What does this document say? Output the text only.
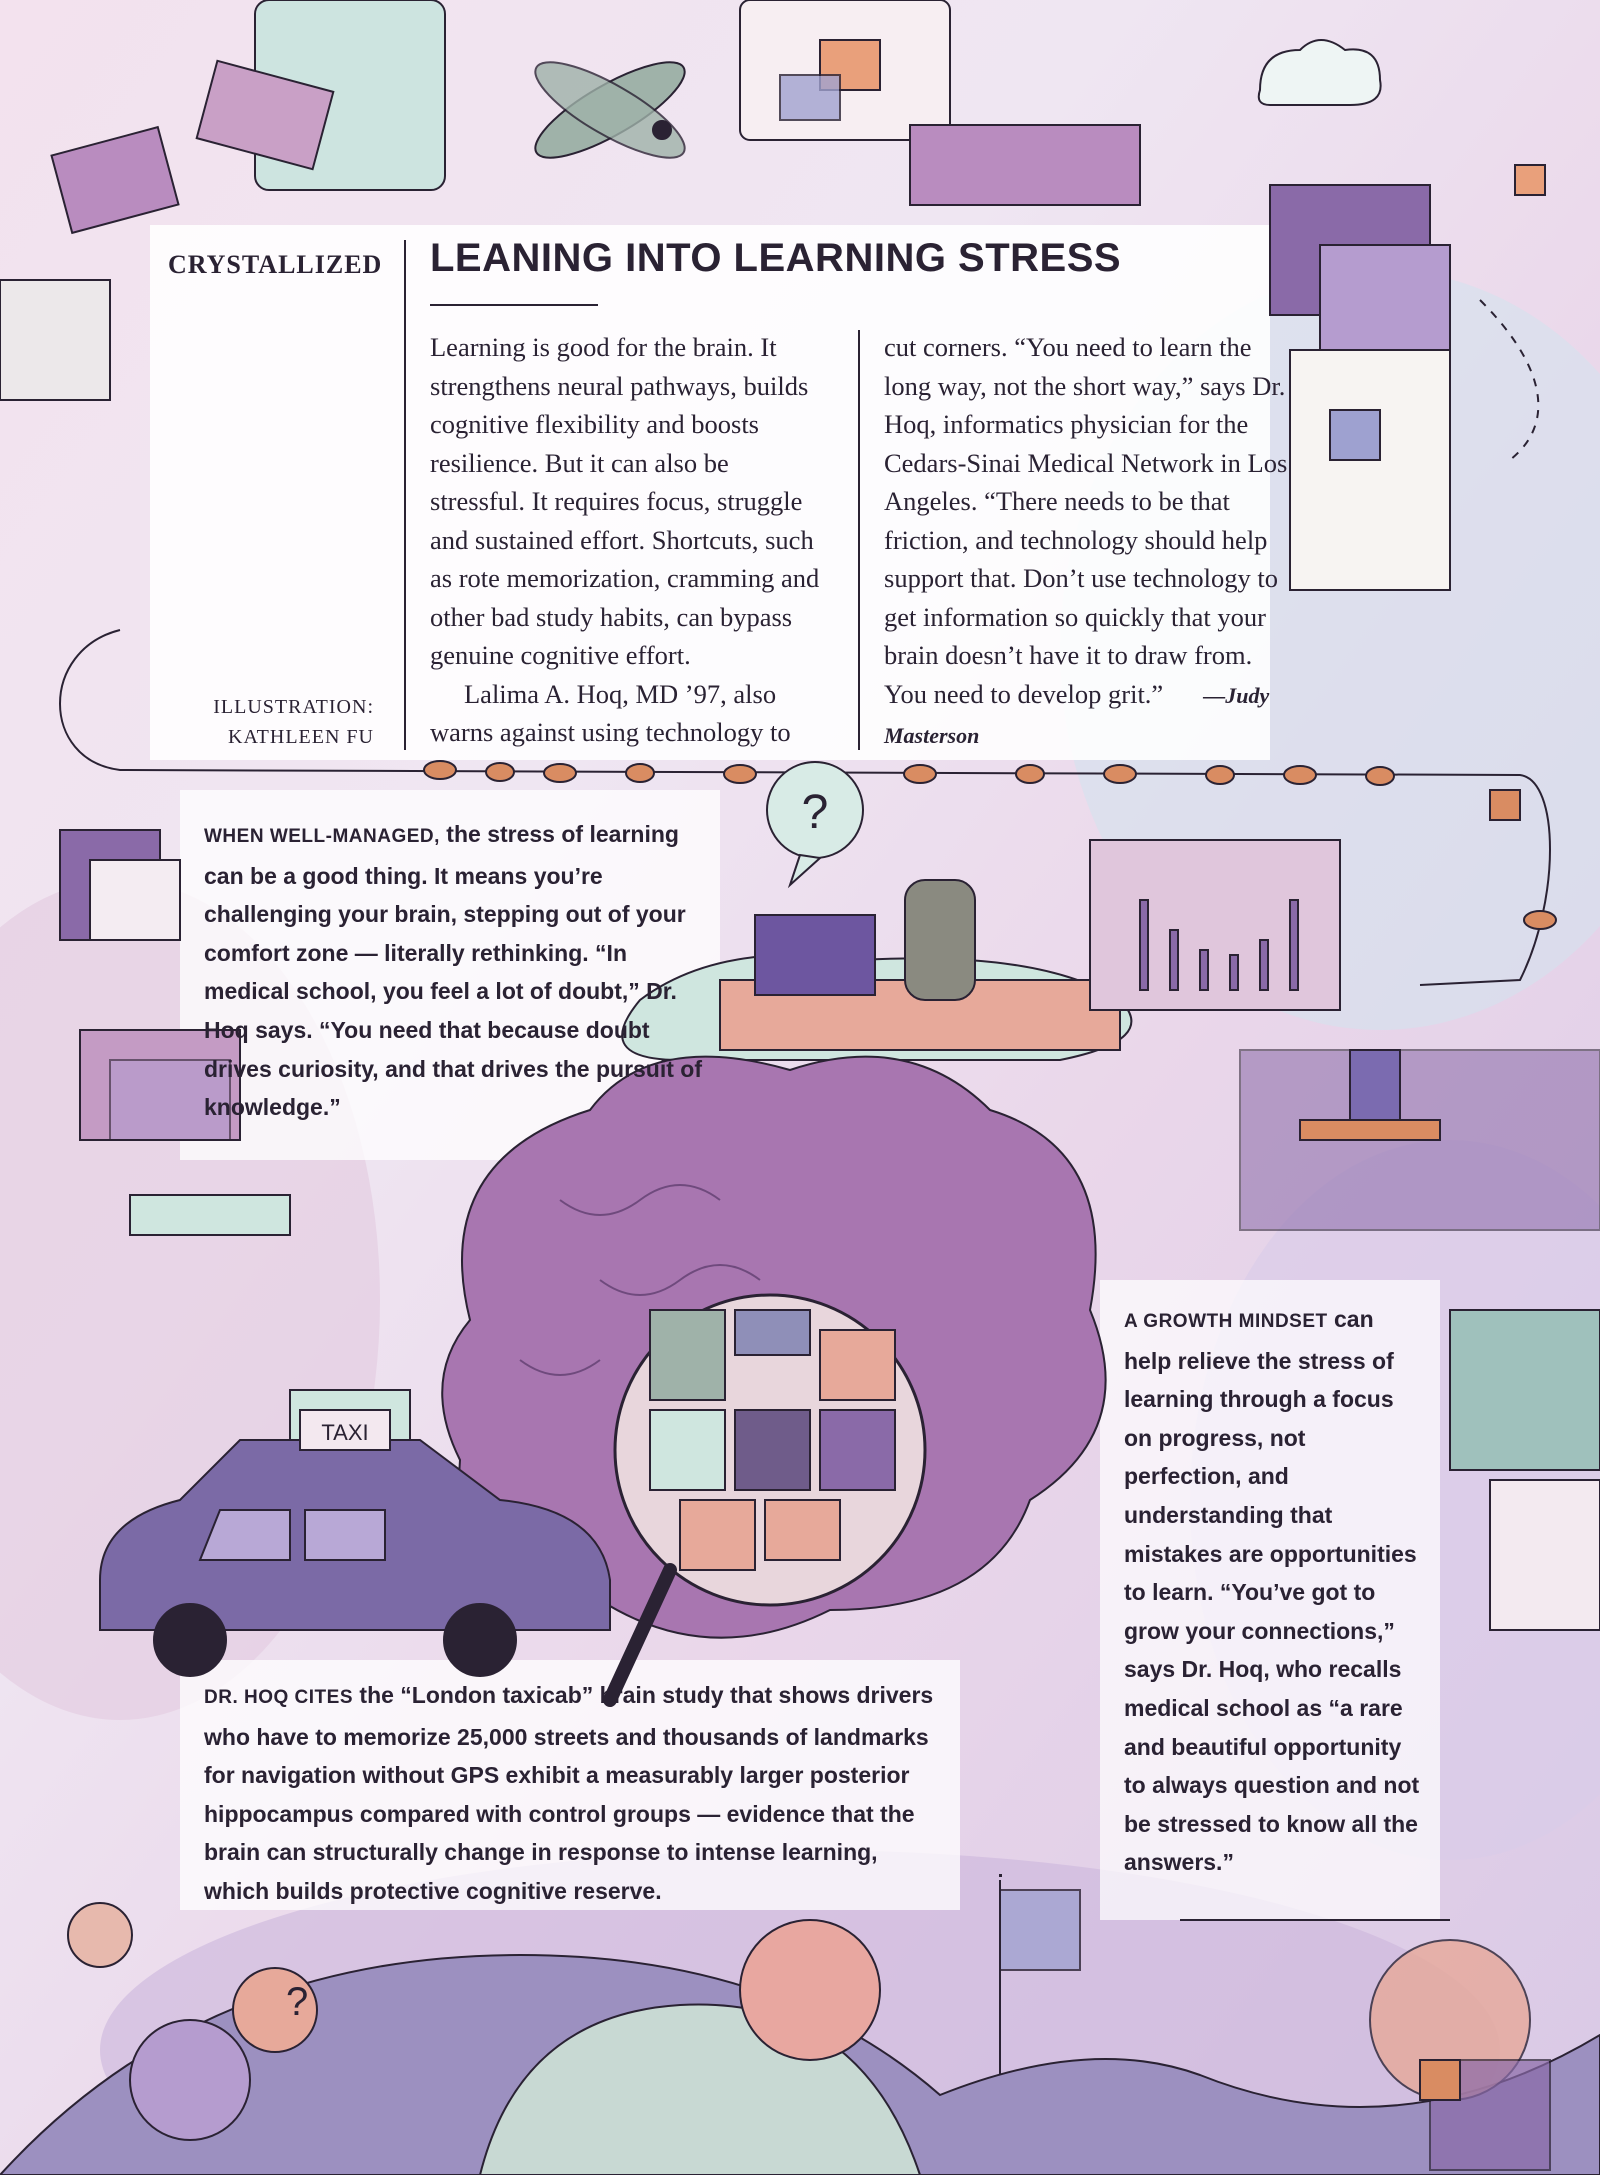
?
TAXI
CRYSTALLIZED LEANING INTO LEARNING STRESS

Learning is good for the brain. It strengthens neural pathways, builds cognitive flexibility and boosts resilience. But it can also be stressful. It requires focus, struggle and sustained effort. Shortcuts, such as rote memorization, cramming and other bad study habits, can bypass genuine cognitive effort.

Lalima A. Hoq, MD ’97, also warns against using technology to

cut corners. “You need to learn the long way, not the short way,” says Dr. Hoq, informatics physician for the Cedars-Sinai Medical Network in Los Angeles. “There needs to be that friction, and technology should help support that. Don’t use technology to get information so quickly that your brain doesn’t have it to draw from. You need to develop grit.” —Judy Masterson

ILLUSTRATION:
KATHLEEN FU
WHEN WELL-MANAGED, the stress of learning can be a good thing. It means you’re challenging your brain, stepping out of your comfort zone — literally rethinking. “In medical school, you feel a lot of doubt,” Dr. Hoq says. “You need that because doubt drives curiosity, and that drives the pursuit of knowledge.”
A GROWTH MINDSET can help relieve the stress of learning through a focus on progress, not perfection, and understanding that mistakes are opportunities to learn. “You’ve got to grow your connections,” says Dr. Hoq, who recalls medical school as “a rare and beautiful opportunity to always question and not be stressed to know all the answers.”
DR. HOQ CITES the “London taxicab” brain study that shows drivers who have to memorize 25,000 streets and thousands of landmarks for navigation without GPS exhibit a measurably larger posterior hippocampus compared with control groups — evidence that the brain can structurally change in response to intense learning, which builds protective cognitive reserve.
?
